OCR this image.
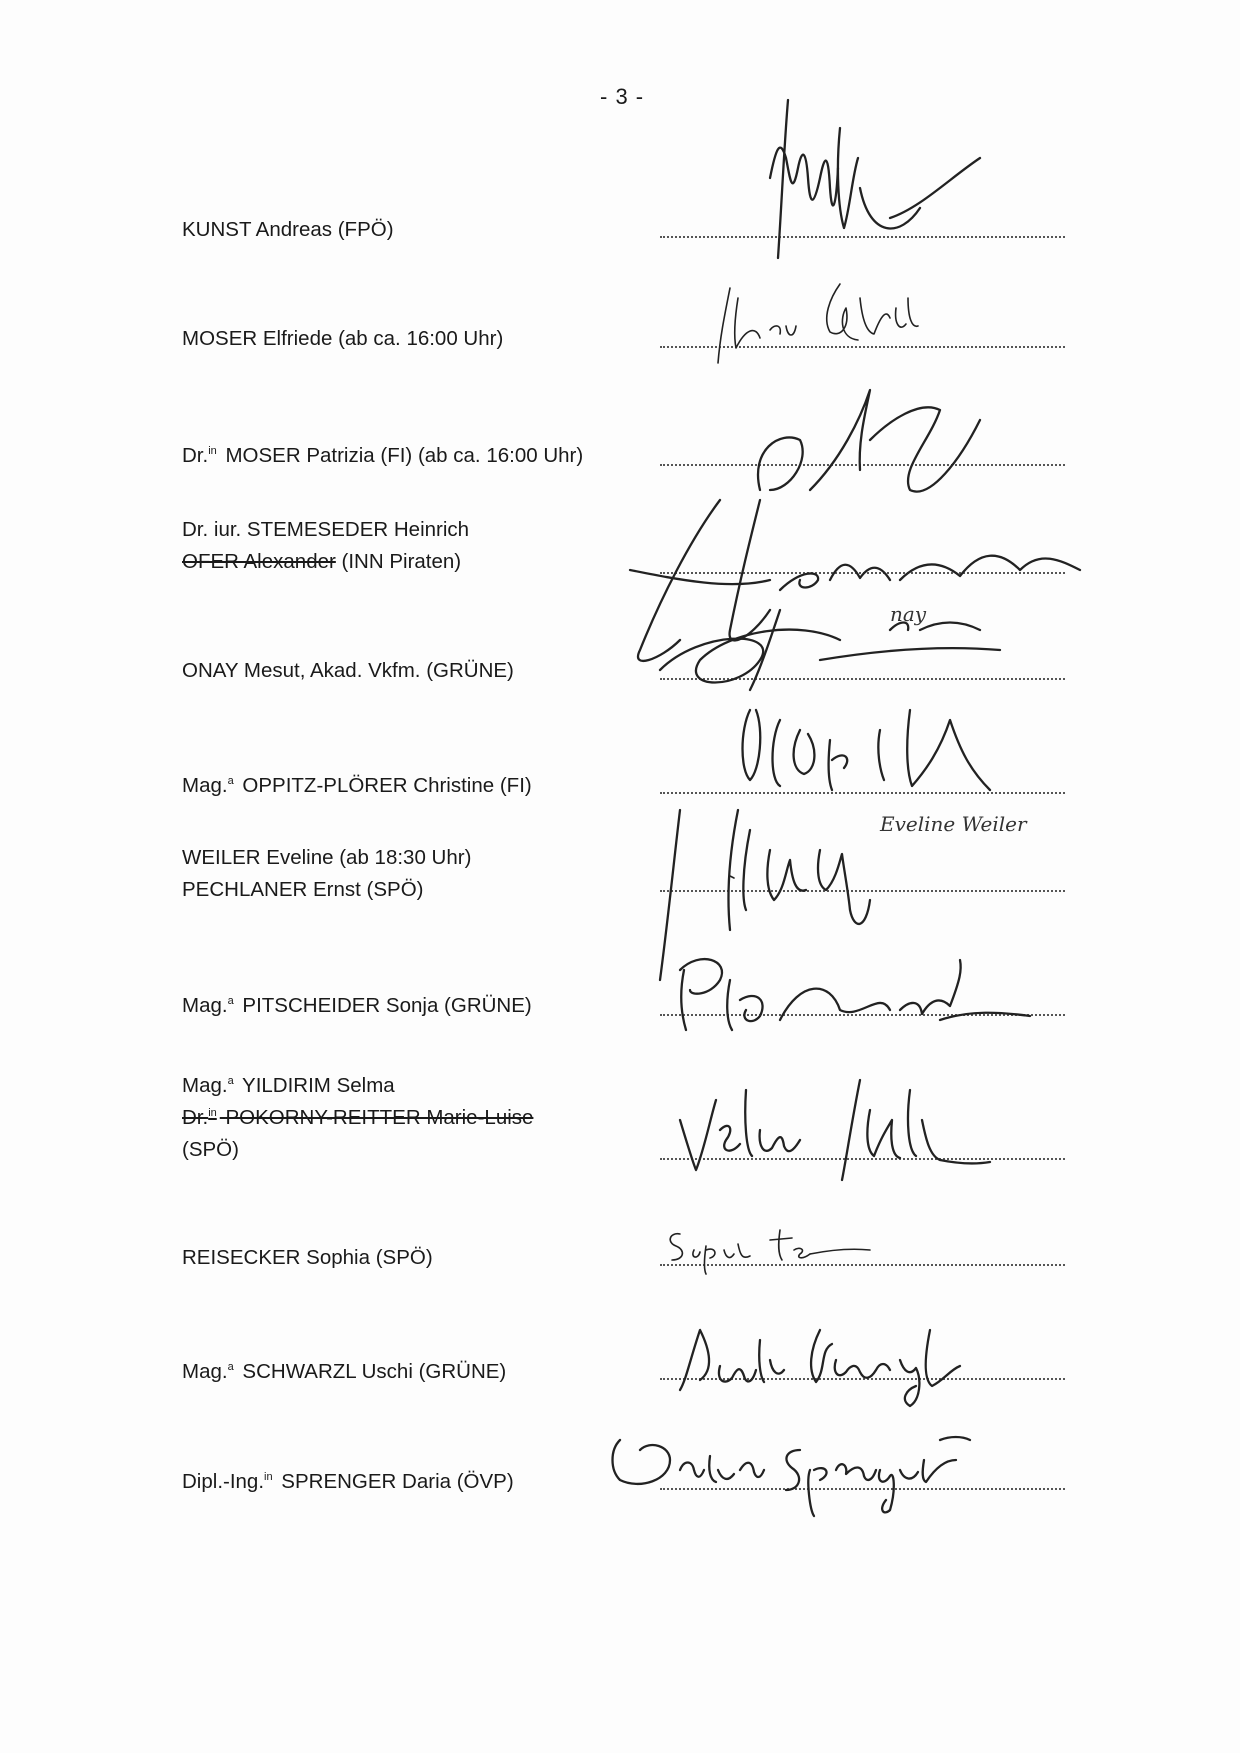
- 3 -
KUNST Andreas (FPÖ)
MOSER Elfriede (ab ca. 16:00 Uhr)
Dr.$^{in}$ MOSER Patrizia (FI) (ab ca. 16:00 Uhr)
Dr. iur. STEMESEDER Heinrich
OFER Alexander (INN Piraten)
ONAY Mesut, Akad. Vkfm. (GRÜNE)
nay
Mag.$^a$ OPPITZ-PLÖRER Christine (FI)
WEILER Eveline (ab 18:30 Uhr)
PECHLANER Ernst (SPÖ)
Eveline Weiler
Mag.$^a$ PITSCHEIDER Sonja (GRÜNE)
Mag.$^a$ YILDIRIM Selma
Dr.$^{in}$ POKORNY-REITTER Marie-Luise
(SPÖ)
REISECKER Sophia (SPÖ)
Mag.$^a$ SCHWARZL Uschi (GRÜNE)
Dipl.-Ing.$^{in}$ SPRENGER Daria (ÖVP)
